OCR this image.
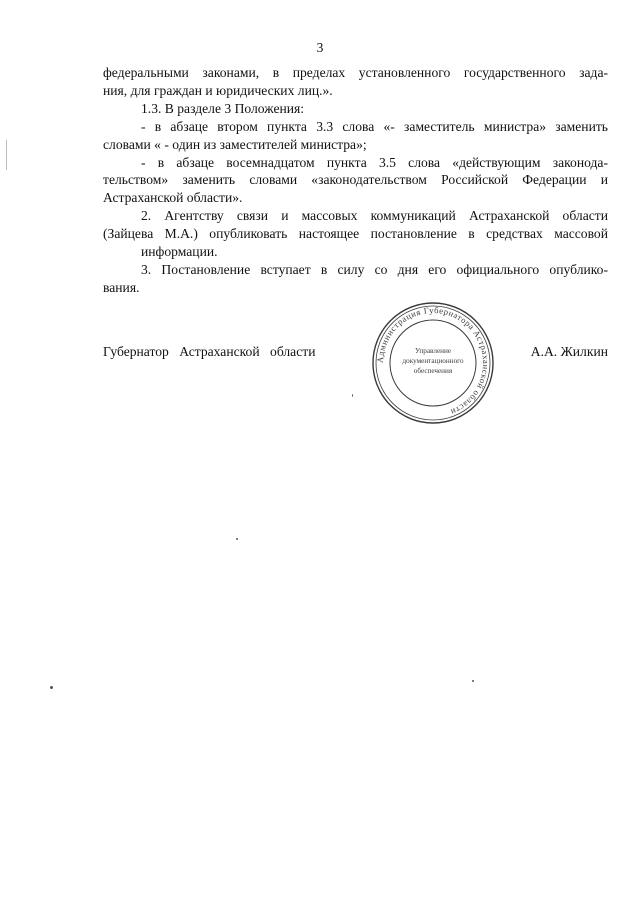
3

федеральными законами, в пределах установленного государственного зада-
ния, для граждан и юридических лиц.».

1.3. В разделе 3 Положения:

- в абзаце втором пункта 3.3 слова «- заместитель министра» заменить
словами « - один из заместителей министра»;

- в абзаце восемнадцатом пункта 3.5 слова «действующим законода-
тельством» заменить словами «законодательством Российской Федерации и
Астраханской области».

2. Агентству связи и массовых коммуникаций Астраханской области
(Зайцева М.А.) опубликовать настоящее постановление в средствах массовой
информации.

3. Постановление вступает в силу со дня его официального опублико-
вания.

Губернатор Астраханской области	А.А. Жилкин
Администрация Губернатора Астраханской области
Управление
документационного
обеспечения
